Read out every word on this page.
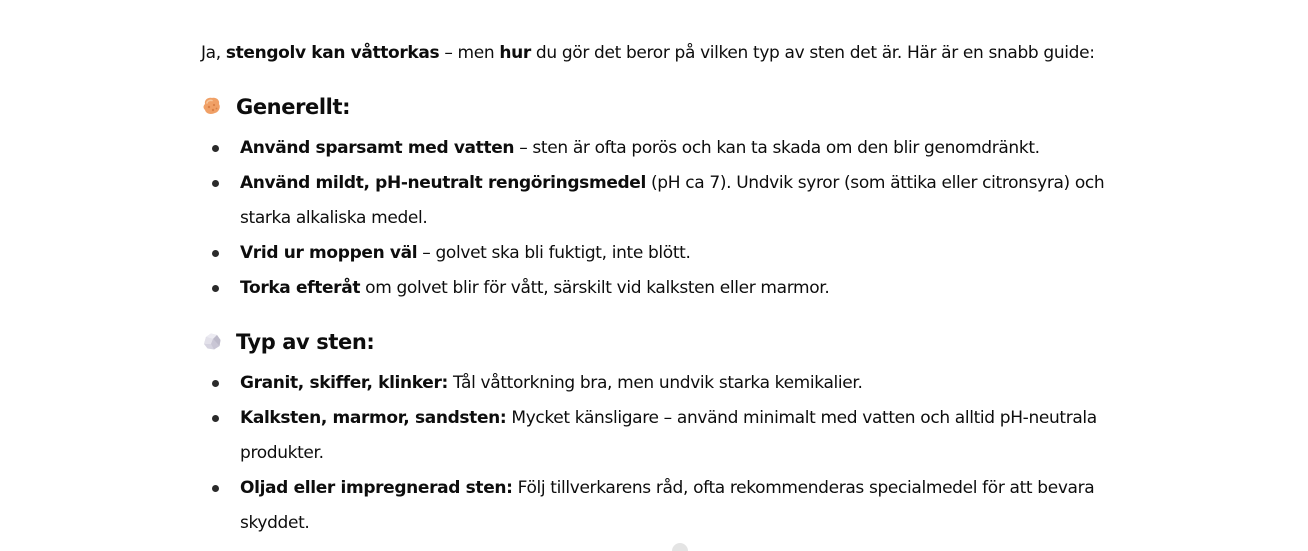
Ja, stengolv kan våttorkas – men hur du gör det beror på vilken typ av sten det är. Här är en snabb guide:
Generellt:
Använd sparsamt med vatten – sten är ofta porös och kan ta skada om den blir genomdränkt.
Använd mildt, pH-neutralt rengöringsmedel (pH ca 7). Undvik syror (som ättika eller citronsyra) och starka alkaliska medel.
Vrid ur moppen väl – golvet ska bli fuktigt, inte blött.
Torka efteråt om golvet blir för vått, särskilt vid kalksten eller marmor.
Typ av sten:
Granit, skiffer, klinker: Tål våttorkning bra, men undvik starka kemikalier.
Kalksten, marmor, sandsten: Mycket känsligare – använd minimalt med vatten och alltid pH-neutrala produkter.
Oljad eller impregnerad sten: Följ tillverkarens råd, ofta rekommenderas specialmedel för att bevara skyddet.
